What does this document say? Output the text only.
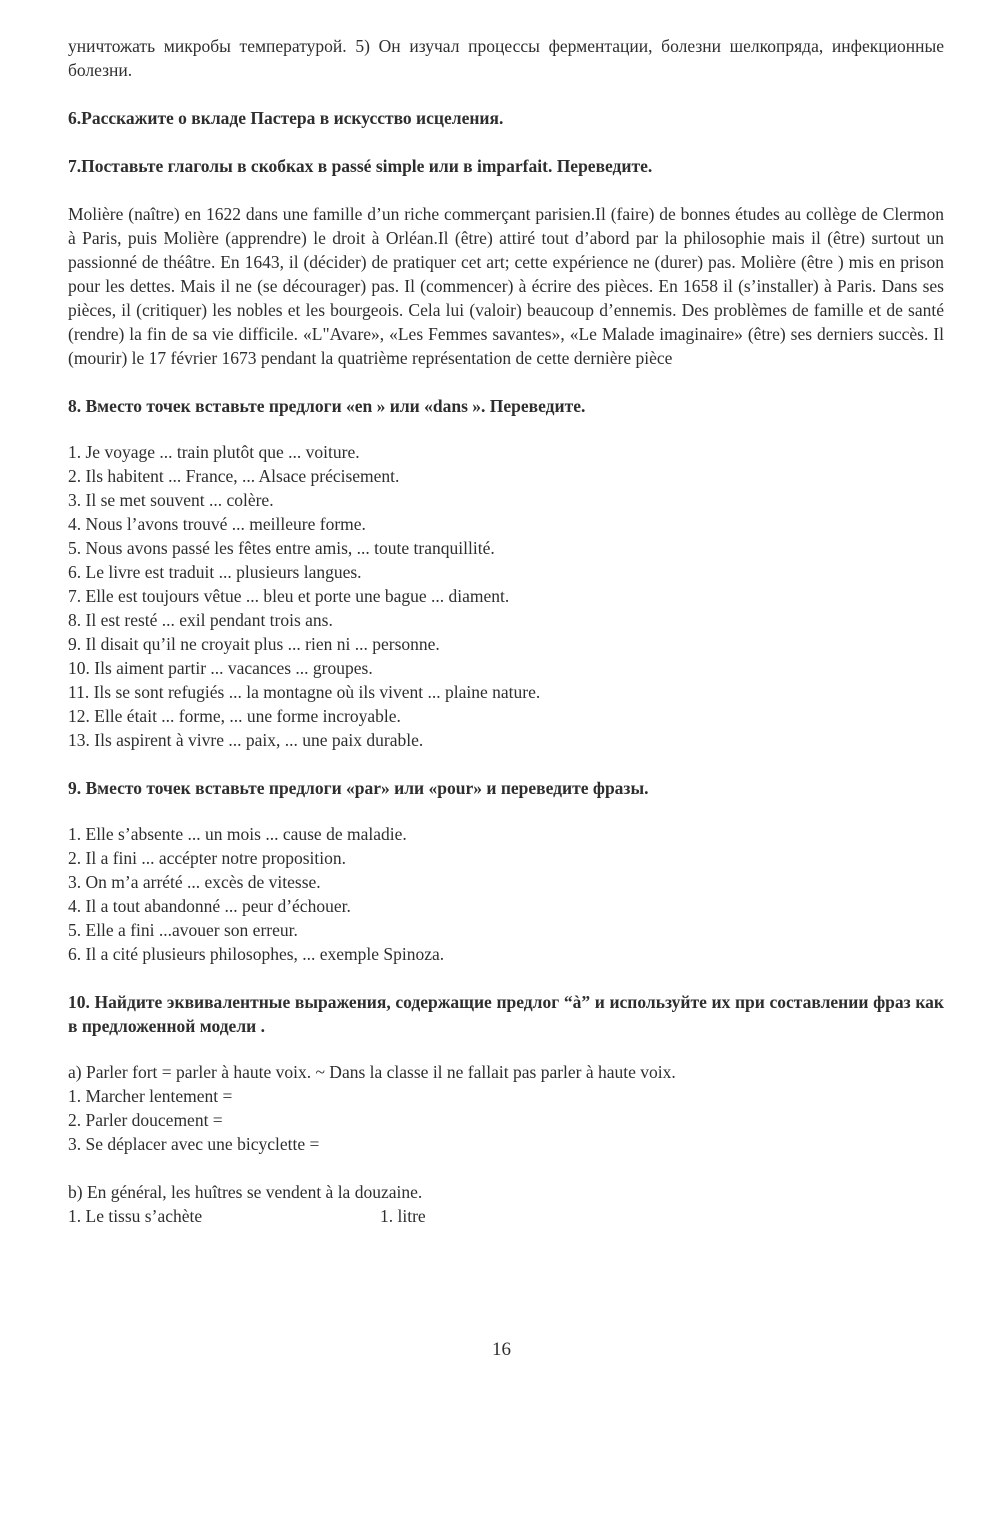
уничтожать микробы температурой. 5) Он изучал процессы ферментации, болезни шелкопряда, инфекционные болезни.

6.Расскажите о вкладе Пастера в искусство исцеления.

7.Поставьте глаголы в скобках в passé simple или в imparfait. Переведите.

Molière (naître) en 1622 dans une famille d’un riche commerçant parisien.Il (faire) de bonnes études au collège de Clermon à Paris, puis Molière (apprendre) le droit à Orléan.Il (être) attiré tout d’abord par la philosophie mais il (être) surtout un passionné de théâtre. En 1643, il (décider) de pratiquer cet art; cette expérience ne (durer) pas. Molière (être ) mis en prison pour les dettes. Mais il ne (se décourager) pas. Il (commencer) à écrire des pièces. En 1658 il (s’installer) à Paris. Dans ses pièces, il (critiquer) les nobles et les bourgeois. Cela lui (valoir) beaucoup d’ennemis. Des problèmes de famille et de santé (rendre) la fin de sa vie difficile. «L"Avare», «Les Femmes savantes», «Le Malade imaginaire» (être) ses derniers succès. Il (mourir) le 17 février 1673 pendant la quatrième représentation de cette dernière pièce

8. Вместо точек вставьте предлоги «en » или «dans ». Переведите.

1. Je voyage ... train plutôt que ... voiture.
2. Ils habitent ... France, ... Alsace précisement.
3. Il se met souvent ... colère.
4. Nous l’avons trouvé ... meilleure forme.
5. Nous avons passé les fêtes entre amis, ... toute tranquillité.
6. Le livre est traduit ... plusieurs langues.
7. Elle est toujours vêtue ... bleu et porte une bague ... diament.
8. Il est resté ... exil pendant trois ans.
9. Il disait qu’il ne croyait plus ... rien ni ... personne.
10. Ils aiment partir ... vacances ... groupes.
11. Ils se sont refugiés ... la montagne où ils vivent ... plaine nature.
12. Elle était ... forme, ... une forme incroyable.
13. Ils aspirent à vivre ... paix, ... une paix durable.

9. Вместо точек вставьте предлоги «par» или «pour» и переведите фразы.

1. Elle s’absente ... un mois ... cause de maladie.
2. Il a fini ... accépter notre proposition.
3. On m’a arrété ... excès de vitesse.
4. Il a tout abandonné ... peur d’échouer.
5. Elle a fini ...avouer son erreur.
6. Il a cité plusieurs philosophes, ... exemple Spinoza.

10. Найдите эквивалентные выражения, содержащие предлог “à” и используйте их при составлении фраз как в предложенной модели .

a) Parler fort = parler à haute voix. ~ Dans la classe il ne fallait pas parler à haute voix.

1. Marcher lentement =
2. Parler doucement =
3. Se déplacer avec une bicyclette =

b) En général, les huîtres se vendent à la douzaine.

1. Le tissu s’achète	1. litre
16
